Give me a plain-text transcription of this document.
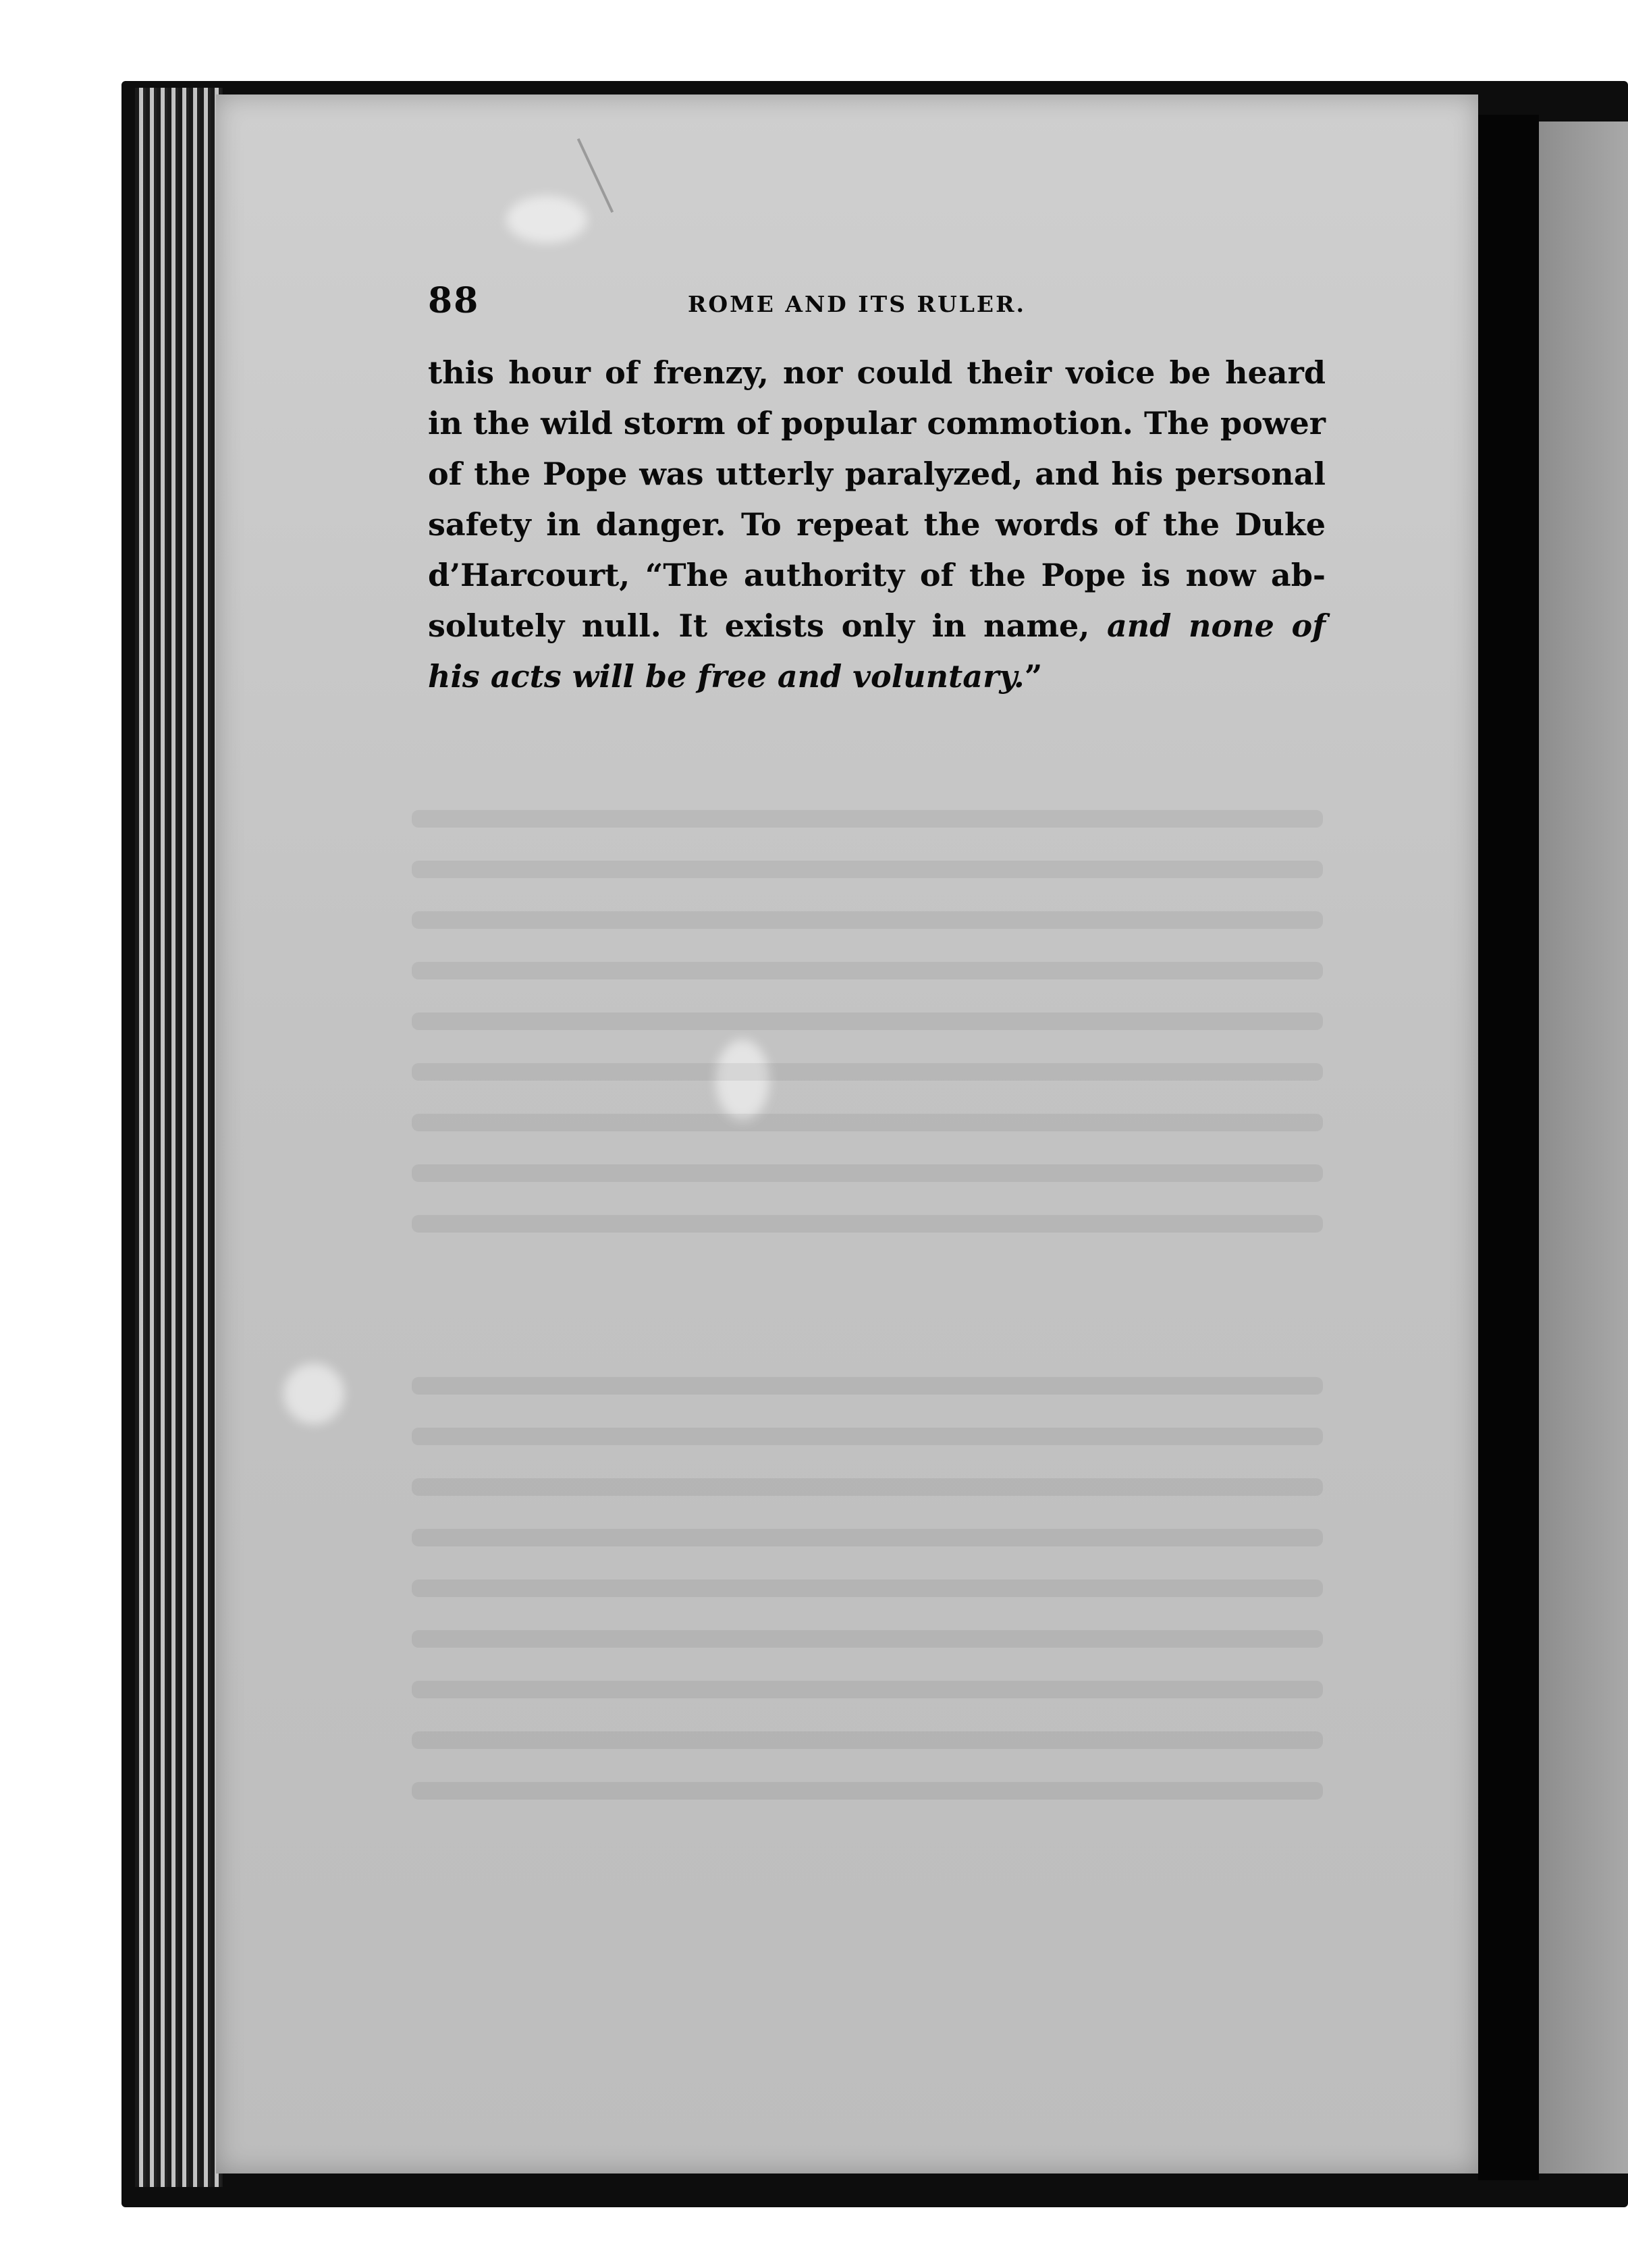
88	ROME AND ITS RULER.
this hour of frenzy, nor could their voice be heard
in the wild storm of popular commotion. The power
of the Pope was utterly paralyzed, and his personal
safety in danger. To repeat the words of the Duke
d’Harcourt, “The authority of the Pope is now ab-
solutely null. It exists only in name, and none of
his acts will be free and voluntary.”
